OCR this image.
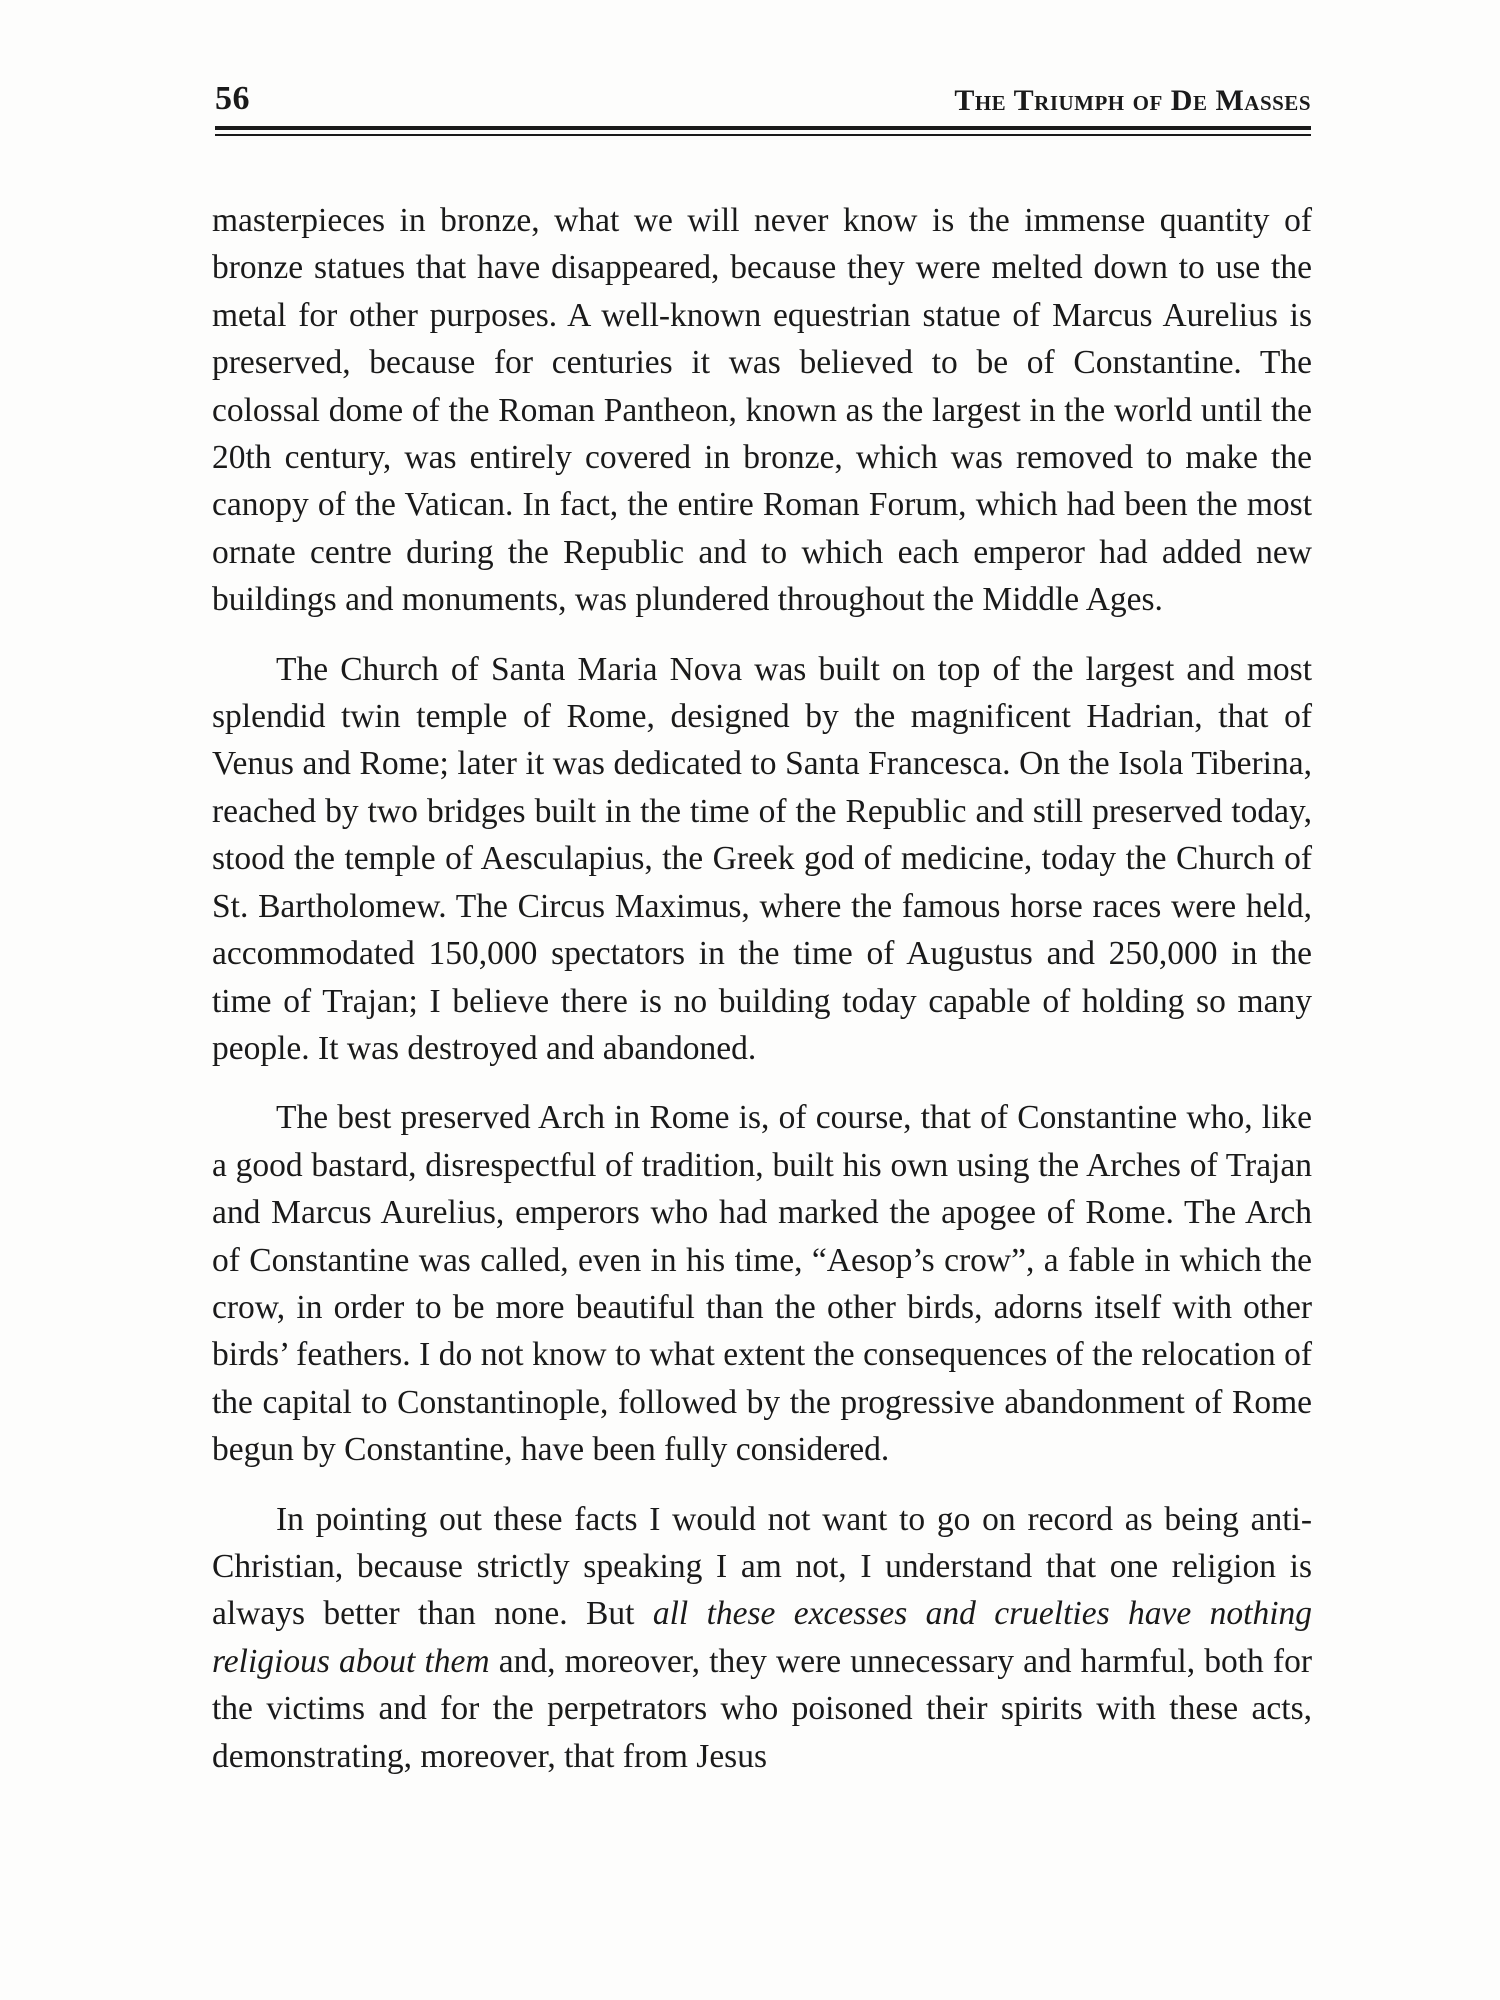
56	The Triumph of De Masses

masterpieces in bronze, what we will never know is the immense quantity of bronze statues that have disappeared, because they were melted down to use the metal for other purposes. A well-known equestrian statue of Marcus Aurelius is preserved, because for centuries it was believed to be of Constantine. The colossal dome of the Roman Pantheon, known as the largest in the world until the 20th century, was entirely covered in bronze, which was removed to make the canopy of the Vatican. In fact, the entire Roman Forum, which had been the most ornate centre during the Republic and to which each emperor had added new buildings and monuments, was plundered throughout the Middle Ages.

The Church of Santa Maria Nova was built on top of the largest and most splendid twin temple of Rome, designed by the magnificent Hadrian, that of Venus and Rome; later it was dedicated to Santa Francesca. On the Isola Tiberina, reached by two bridges built in the time of the Republic and still preserved today, stood the temple of Aesculapius, the Greek god of medicine, today the Church of St. Bartholomew. The Circus Maximus, where the famous horse races were held, accommodated 150,000 spectators in the time of Augustus and 250,000 in the time of Trajan; I believe there is no building today capable of holding so many people. It was destroyed and abandoned.

The best preserved Arch in Rome is, of course, that of Constantine who, like a good bastard, disrespectful of tradition, built his own using the Arches of Trajan and Marcus Aurelius, emperors who had marked the apogee of Rome. The Arch of Constantine was called, even in his time, “Aesop’s crow”, a fable in which the crow, in order to be more beautiful than the other birds, adorns itself with other birds’ feathers. I do not know to what extent the consequences of the relocation of the capital to Constantinople, followed by the progressive abandonment of Rome begun by Constantine, have been fully considered.

In pointing out these facts I would not want to go on record as being anti-Christian, because strictly speaking I am not, I understand that one religion is always better than none. But all these excesses and cruelties have nothing religious about them and, moreover, they were unnecessary and harmful, both for the victims and for the perpetrators who poisoned their spirits with these acts, demonstrating, moreover, that from Jesus
